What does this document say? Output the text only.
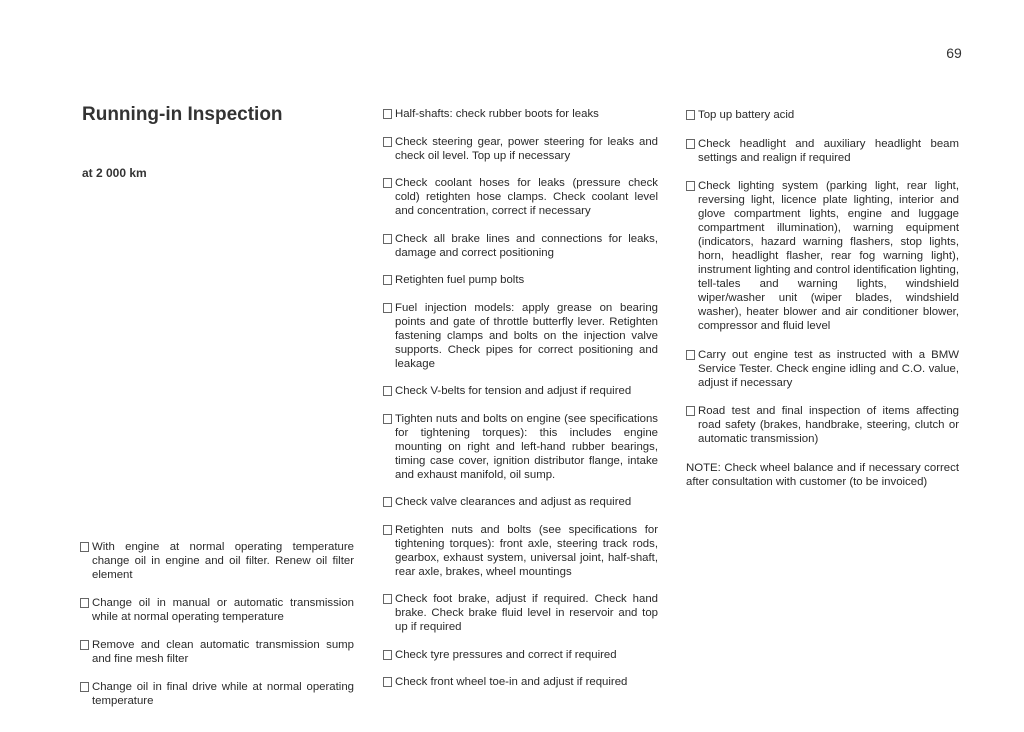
69
Running-in Inspection
at 2 000 km
With engine at normal operating temperature change oil in engine and oil filter. Renew oil filter element
Change oil in manual or automatic transmission while at normal operating temperature
Remove and clean automatic transmission sump and fine mesh filter
Change oil in final drive while at normal operating temperature
Half-shafts: check rubber boots for leaks
Check steering gear, power steering for leaks and check oil level. Top up if necessary
Check coolant hoses for leaks (pressure check cold) retighten hose clamps. Check coolant level and concentration, correct if necessary
Check all brake lines and connections for leaks, damage and correct positioning
Retighten fuel pump bolts
Fuel injection models: apply grease on bearing points and gate of throttle butterfly lever. Retighten fastening clamps and bolts on the injection valve supports. Check pipes for correct positioning and leakage
Check V-belts for tension and adjust if required
Tighten nuts and bolts on engine (see specifications for tightening torques): this includes engine mounting on right and left-hand rubber bearings, timing case cover, ignition distributor flange, intake and exhaust manifold, oil sump.
Check valve clearances and adjust as required
Retighten nuts and bolts (see specifications for tightening torques): front axle, steering track rods, gearbox, exhaust system, universal joint, half-shaft, rear axle, brakes, wheel mountings
Check foot brake, adjust if required. Check hand brake. Check brake fluid level in reservoir and top up if required
Check tyre pressures and correct if required
Check front wheel toe-in and adjust if required
Top up battery acid
Check headlight and auxiliary headlight beam settings and realign if required
Check lighting system (parking light, rear light, reversing light, licence plate lighting, interior and glove compartment lights, engine and luggage compartment illumination), warning equipment (indicators, hazard warning flashers, stop lights, horn, headlight flasher, rear fog warning light), instrument lighting and control identification lighting, tell-tales and warning lights, windshield wiper/washer unit (wiper blades, windshield washer), heater blower and air conditioner blower, compressor and fluid level
Carry out engine test as instructed with a BMW Service Tester. Check engine idling and C.O. value, adjust if necessary
Road test and final inspection of items affecting road safety (brakes, handbrake, steering, clutch or automatic transmission)

NOTE: Check wheel balance and if necessary correct after consultation with customer (to be invoiced)
